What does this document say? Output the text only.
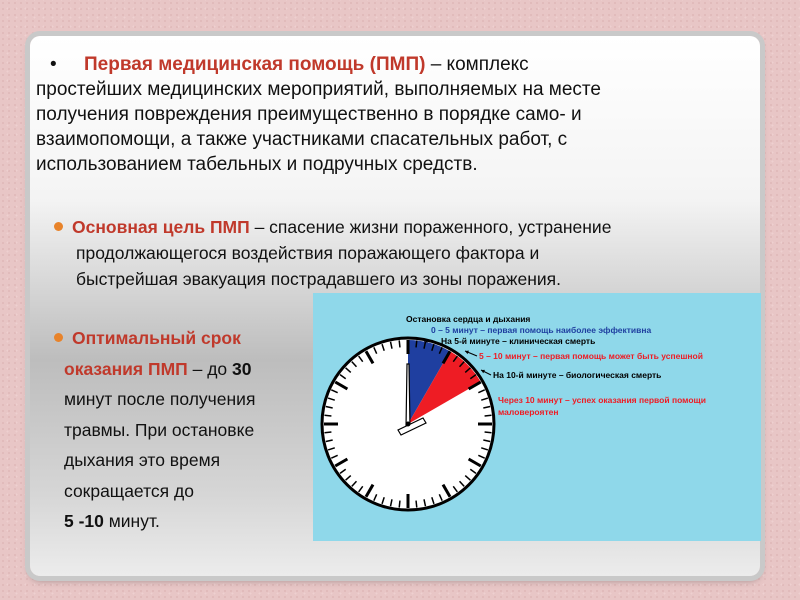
• Первая медицинская помощь (ПМП) – комплекс
простейших медицинских мероприятий, выполняемых на месте
получения повреждения преимущественно в порядке само- и
взаимопомощи, а также участниками спасательных работ, с
использованием табельных и подручных средств.
Основная цель ПМП – спасение жизни пораженного, устранение
продолжающегося воздействия поражающего фактора и
быстрейшая эвакуация пострадавшего из зоны поражения.
Оптимальный срок
оказания ПМП – до 30
минут после получения
травмы. При остановке
дыхания это время
сокращается до
5 -10 минут.
Остановка сердца и дыхания
0 – 5 минут – первая помощь наиболее эффективна
На 5-й минуте – клиническая смерть
5 – 10 минут – первая помощь может быть успешной
На 10-й минуте – биологическая смерть
Через 10 минут – успех оказания первой помощи
маловероятен
